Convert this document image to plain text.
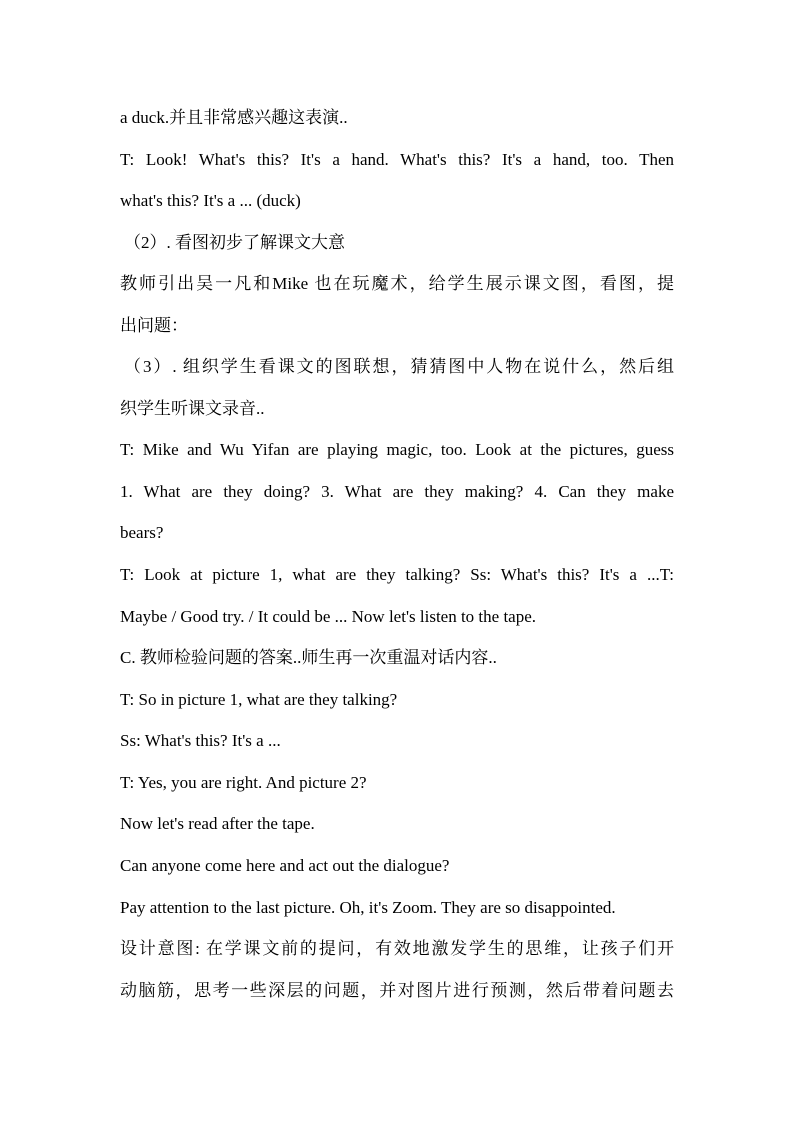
a duck.并且非常感兴趣这表演..
T: Look! What's this? It's a hand. What's this? It's a hand, too. Then
what's this? It's a ... (duck)
（2）. 看图初步了解课文大意
教师引出吴一凡和Mike 也在玩魔术，给学生展示课文图，看图，提
出问题：
（3）. 组织学生看课文的图联想，猜猜图中人物在说什么，然后组
织学生听课文录音..
T: Mike and Wu Yifan are playing magic, too. Look at the pictures, guess
1. What are they doing? 3. What are they making? 4. Can they make
bears?
T: Look at picture 1, what are they talking? Ss: What's this? It's a ...T:
Maybe / Good try. / It could be ... Now let's listen to the tape.
C. 教师检验问题的答案..师生再一次重温对话内容..
T: So in picture 1, what are they talking?
Ss: What's this? It's a ...
T: Yes, you are right. And picture 2?
Now let's read after the tape.
Can anyone come here and act out the dialogue?
Pay attention to the last picture. Oh, it's Zoom. They are so disappointed.
设计意图: 在学课文前的提问，有效地激发学生的思维，让孩子们开
动脑筋，思考一些深层的问题，并对图片进行预测，然后带着问题去
